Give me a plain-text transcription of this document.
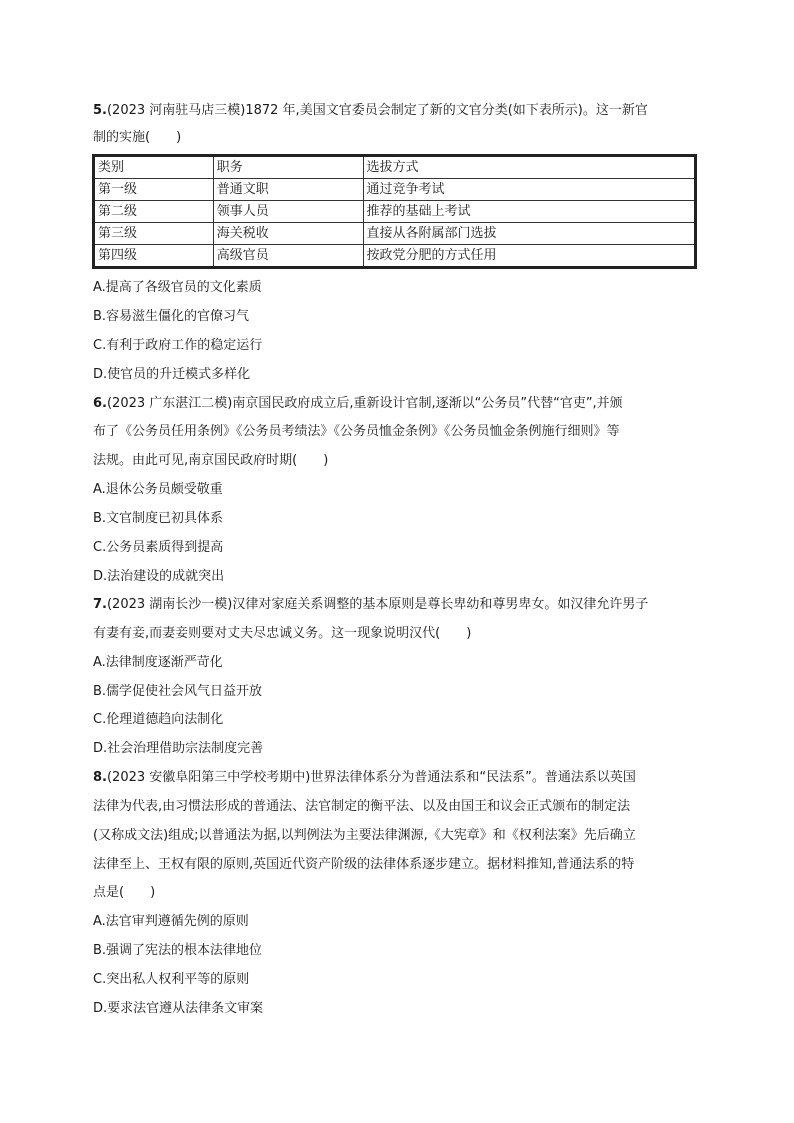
5.(2023 河南驻马店三模)1872 年,美国文官委员会制定了新的文官分类(如下表所示)。这一新官
制的实施(　　)
类别	职务	选拔方式
第一级	普通文职	通过竞争考试
第二级	领事人员	推荐的基础上考试
第三级	海关税收	直接从各附属部门选拔
第四级	高级官员	按政党分肥的方式任用
A.提高了各级官员的文化素质
B.容易滋生僵化的官僚习气
C.有利于政府工作的稳定运行
D.使官员的升迁模式多样化
6.(2023 广东湛江二模)南京国民政府成立后,重新设计官制,逐渐以“公务员”代替“官吏”,并颁
布了《公务员任用条例》《公务员考绩法》《公务员恤金条例》《公务员恤金条例施行细则》等
法规。由此可见,南京国民政府时期(　　)
A.退休公务员颇受敬重
B.文官制度已初具体系
C.公务员素质得到提高
D.法治建设的成就突出
7.(2023 湖南长沙一模)汉律对家庭关系调整的基本原则是尊长卑幼和尊男卑女。如汉律允许男子
有妻有妾,而妻妾则要对丈夫尽忠诚义务。这一现象说明汉代(　　)
A.法律制度逐渐严苛化
B.儒学促使社会风气日益开放
C.伦理道德趋向法制化
D.社会治理借助宗法制度完善
8.(2023 安徽阜阳第三中学校考期中)世界法律体系分为普通法系和“民法系”。普通法系以英国
法律为代表,由习惯法形成的普通法、法官制定的衡平法、以及由国王和议会正式颁布的制定法
(又称成文法)组成;以普通法为据,以判例法为主要法律渊源,《大宪章》和《权利法案》先后确立
法律至上、王权有限的原则,英国近代资产阶级的法律体系逐步建立。据材料推知,普通法系的特
点是(　　)
A.法官审判遵循先例的原则
B.强调了宪法的根本法律地位
C.突出私人权利平等的原则
D.要求法官遵从法律条文审案
